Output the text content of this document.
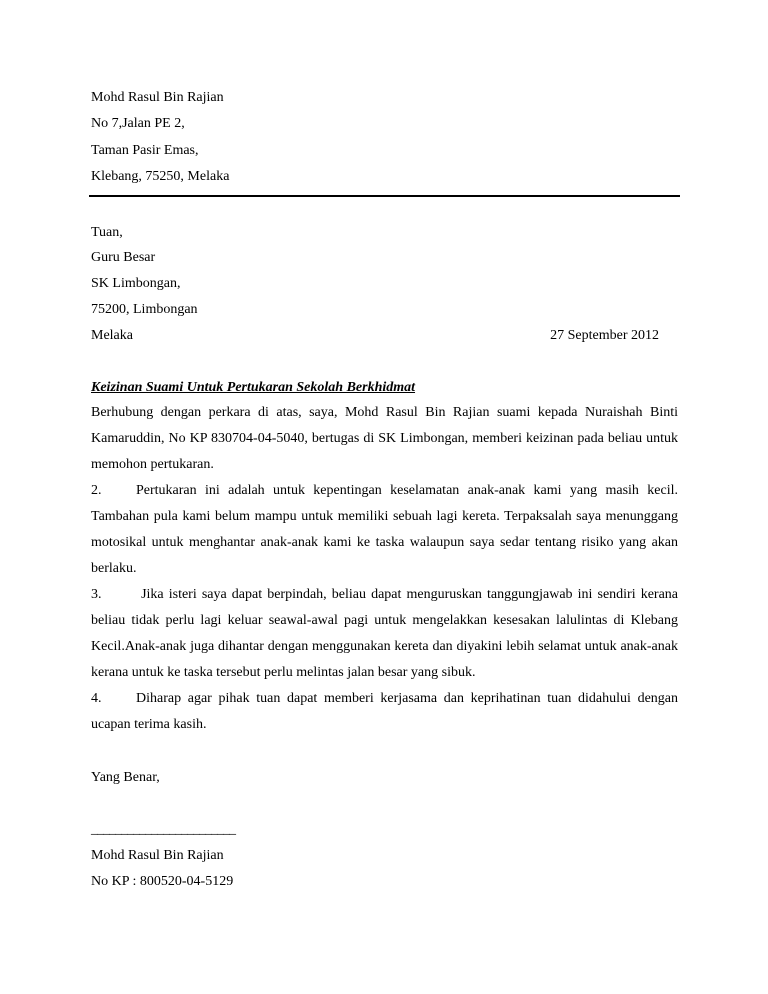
Mohd Rasul Bin Rajian
No 7,Jalan PE 2,
Taman Pasir Emas,
Klebang, 75250, Melaka
Tuan,
Guru Besar
SK Limbongan,
75200, Limbongan
Melaka	27 September 2012
Keizinan Suami Untuk Pertukaran Sekolah Berkhidmat
Berhubung dengan perkara di atas, saya, Mohd Rasul Bin Rajian suami kepada Nuraishah Binti Kamaruddin, No KP 830704-04-5040, bertugas di SK Limbongan, memberi keizinan pada beliau untuk memohon pertukaran.
2. Pertukaran ini adalah untuk kepentingan keselamatan anak-anak kami yang masih kecil. Tambahan pula kami belum mampu untuk memiliki sebuah lagi kereta. Terpaksalah saya menunggang motosikal untuk menghantar anak-anak kami ke taska walaupun saya sedar tentang risiko yang akan berlaku.
3. Jika isteri saya dapat berpindah, beliau dapat menguruskan tanggungjawab ini sendiri kerana beliau tidak perlu lagi keluar seawal-awal pagi untuk mengelakkan kesesakan lalulintas di Klebang Kecil.Anak-anak juga dihantar dengan menggunakan kereta dan diyakini lebih selamat untuk anak-anak kerana untuk ke taska tersebut perlu melintas jalan besar yang sibuk.
4. Diharap agar pihak tuan dapat memberi kerjasama dan keprihatinan tuan didahului dengan ucapan terima kasih.
Yang Benar,
________________________
Mohd Rasul Bin Rajian
No KP : 800520-04-5129
